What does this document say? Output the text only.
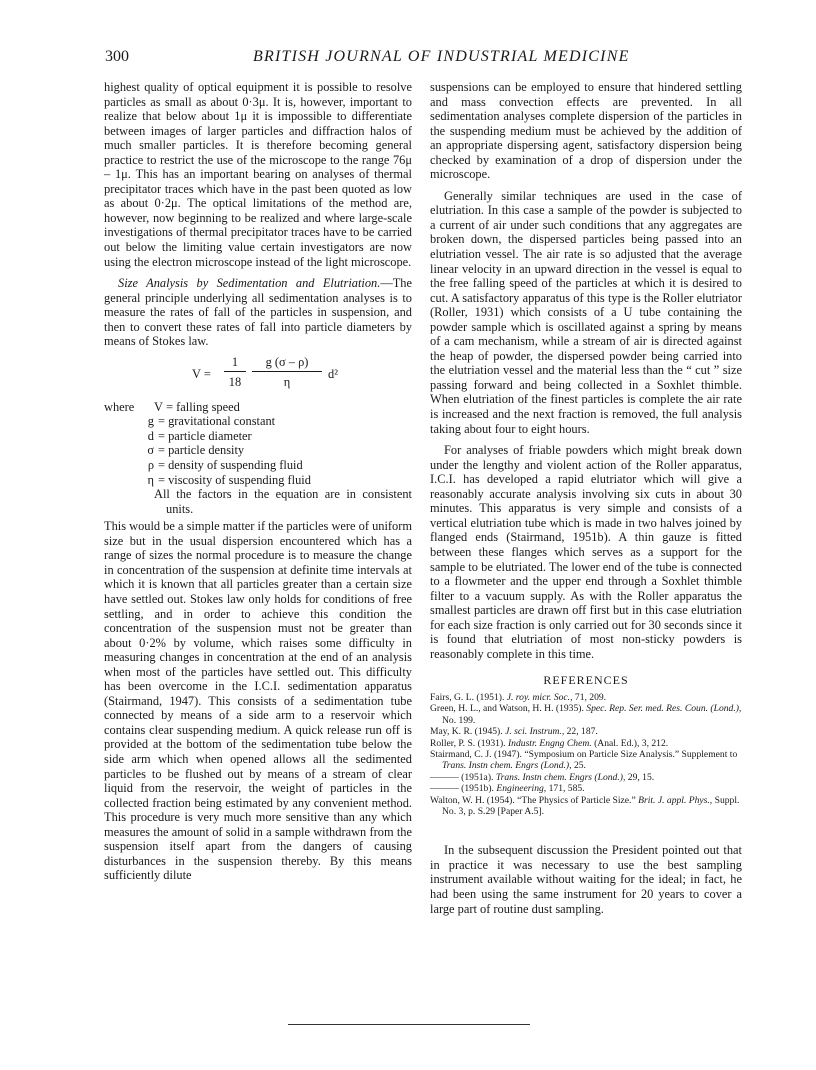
300	BRITISH JOURNAL OF INDUSTRIAL MEDICINE

highest quality of optical equipment it is possible to resolve particles as small as about 0·3μ. It is, however, important to realize that below about 1μ it is impossible to differentiate between images of larger particles and diffraction halos of much smaller particles. It is therefore becoming general practice to restrict the use of the microscope to the range 76μ – 1μ. This has an important bearing on analyses of thermal precipitator traces which have in the past been quoted as low as about 0·2μ. The optical limitations of the method are, however, now beginning to be realized and where large-scale investigations of thermal precipitator traces have to be carried out below the limiting value certain investigators are now using the electron microscope instead of the light microscope.

Size Analysis by Sedimentation and Elutriation.—The general principle underlying all sedimentation analyses is to measure the rates of fall of the particles in suspension, and then to convert these rates of fall into particle diameters by means of Stokes law.

V =
1
18
g (σ – ρ)
η
d²
where	V
= falling speed
g = gravitational constant
d = particle diameter
σ = particle density
ρ = density of suspending fluid
η = viscosity of suspending fluid

All the factors in the equation are in consistent units.

This would be a simple matter if the particles were of uniform size but in the usual dispersion encountered which has a range of sizes the normal procedure is to measure the change in concentration of the suspension at definite time intervals at which it is known that all particles greater than a certain size have settled out. Stokes law only holds for conditions of free settling, and in order to achieve this condition the concentration of the suspension must not be greater than about 0·2% by volume, which raises some difficulty in measuring changes in concentration at the end of an analysis when most of the particles have settled out. This difficulty has been overcome in the I.C.I. sedimentation apparatus (Stairmand, 1947). This consists of a sedimentation tube connected by means of a side arm to a reservoir which contains clear suspending medium. A quick release run off is provided at the bottom of the sedimentation tube below the side arm which when opened allows all the sedimented particles to be flushed out by means of a stream of clear liquid from the reservoir, the weight of particles in the collected fraction being estimated by any convenient method. This procedure is very much more sensitive than any which measures the amount of solid in a sample withdrawn from the suspension itself apart from the dangers of causing disturbances in the suspension thereby. By this means sufficiently dilute

suspensions can be employed to ensure that hindered settling and mass convection effects are prevented. In all sedimentation analyses complete dispersion of the particles in the suspending medium must be achieved by the addition of an appropriate dispersing agent, satisfactory dispersion being checked by examination of a drop of dispersion under the microscope.

Generally similar techniques are used in the case of elutriation. In this case a sample of the powder is subjected to a current of air under such conditions that any aggregates are broken down, the dispersed particles being passed into an elutriation vessel. The air rate is so adjusted that the average linear velocity in an upward direction in the vessel is equal to the free falling speed of the particles at which it is desired to cut. A satisfactory apparatus of this type is the Roller elutriator (Roller, 1931) which consists of a U tube containing the powder sample which is oscillated against a spring by means of a cam mechanism, while a stream of air is directed against the heap of powder, the dispersed powder being carried into the elutriation vessel and the material less than the “ cut ” size passing forward and being collected in a Soxhlet thimble. When elutriation of the finest particles is complete the air rate is increased and the next fraction is removed, the full analysis taking about four to eight hours.

For analyses of friable powders which might break down under the lengthy and violent action of the Roller apparatus, I.C.I. has developed a rapid elutriator which will give a reasonably accurate analysis involving six cuts in about 30 minutes. This apparatus is very simple and consists of a vertical elutriation tube which is made in two halves joined by flanged ends (Stairmand, 1951b). A thin gauze is fitted between these flanges which serves as a support for the sample to be elutriated. The lower end of the tube is connected to a flowmeter and the upper end through a Soxhlet thimble filter to a vacuum supply. As with the Roller apparatus the smallest particles are drawn off first but in this case elutriation for each size fraction is only carried out for 30 seconds since it is found that elutriation of most non-sticky powders is reasonably complete in this time.

REFERENCES
Fairs, G. L. (1951). J. roy. micr. Soc., 71, 209.
Green, H. L., and Watson, H. H. (1935). Spec. Rep. Ser. med. Res. Coun. (Lond.), No. 199.
May, K. R. (1945). J. sci. Instrum., 22, 187.
Roller, P. S. (1931). Industr. Engng Chem. (Anal. Ed.), 3, 212.
Stairmand, C. J. (1947). “Symposium on Particle Size Analysis.” Supplement to Trans. Instn chem. Engrs (Lond.), 25.
——— (1951a). Trans. Instn chem. Engrs (Lond.), 29, 15.
——— (1951b). Engineering, 171, 585.
Walton, W. H. (1954). “The Physics of Particle Size.” Brit. J. appl. Phys., Suppl. No. 3, p. S.29 [Paper A.5].

In the subsequent discussion the President pointed out that in practice it was necessary to use the best sampling instrument available without waiting for the ideal; in fact, he had been using the same instrument for 20 years to cover a large part of routine dust sampling.
